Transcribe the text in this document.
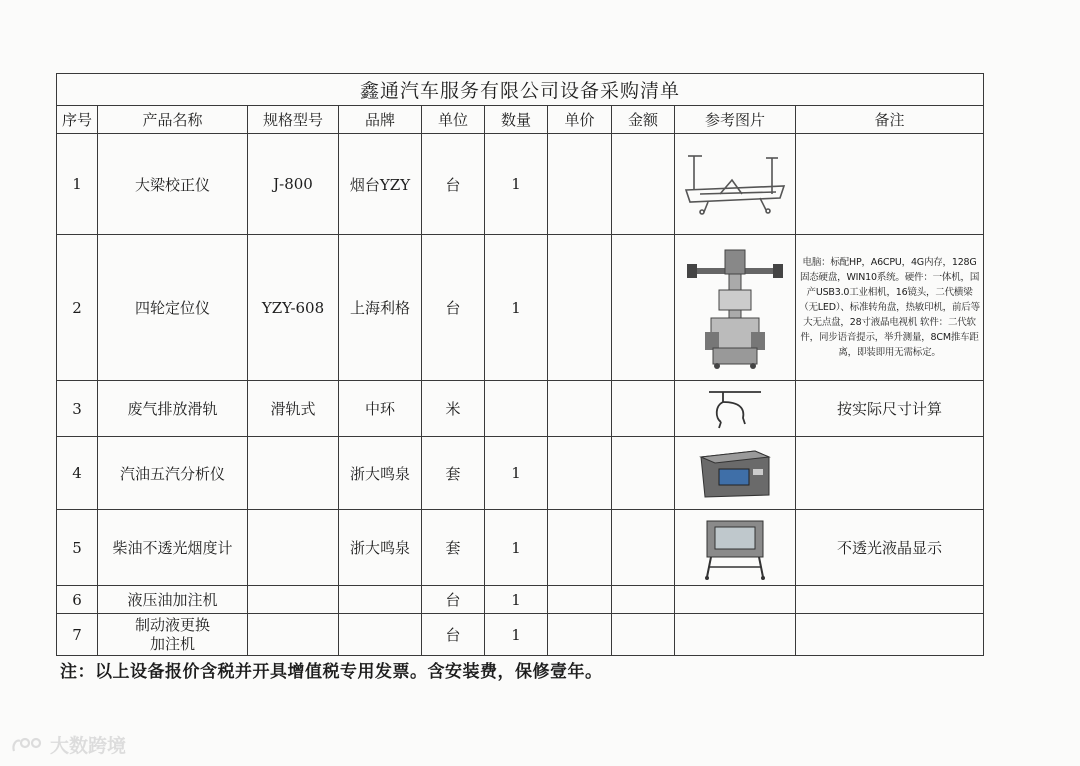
鑫通汽车服务有限公司设备采购清单									
序号	产品名称	规格型号	品牌	单位	数量	单价	金额	参考图片	备注
1	大梁校正仪	J-800	烟台YZY	台	1			

2	四轮定位仪	YZY-608	上海利格	台	1				电脑：标配HP，A6CPU，4G内存，128G固态硬盘，WIN10系统。硬件：一体机，国产USB3.0工业相机，16镜头，二代横梁（无LED）、标准转角盘，热敏印机，前后等大无点盘，28寸液晶电视机 软件：二代软件，同步语音提示，举升测量，8CM推车距离，即装即用无需标定。
3	废气排放滑轨	滑轨式	中环	米					按实际尺寸计算
4	汽油五汽分析仪		浙大鸣泉	套	1			

5	柴油不透光烟度计		浙大鸣泉	套	1				不透光液晶显示
6	液压油加注机			台	1				
7	制动液更换
加注机			台	1				
注：以上设备报价含税并开具增值税专用发票。含安装费，保修壹年。
大数跨境
